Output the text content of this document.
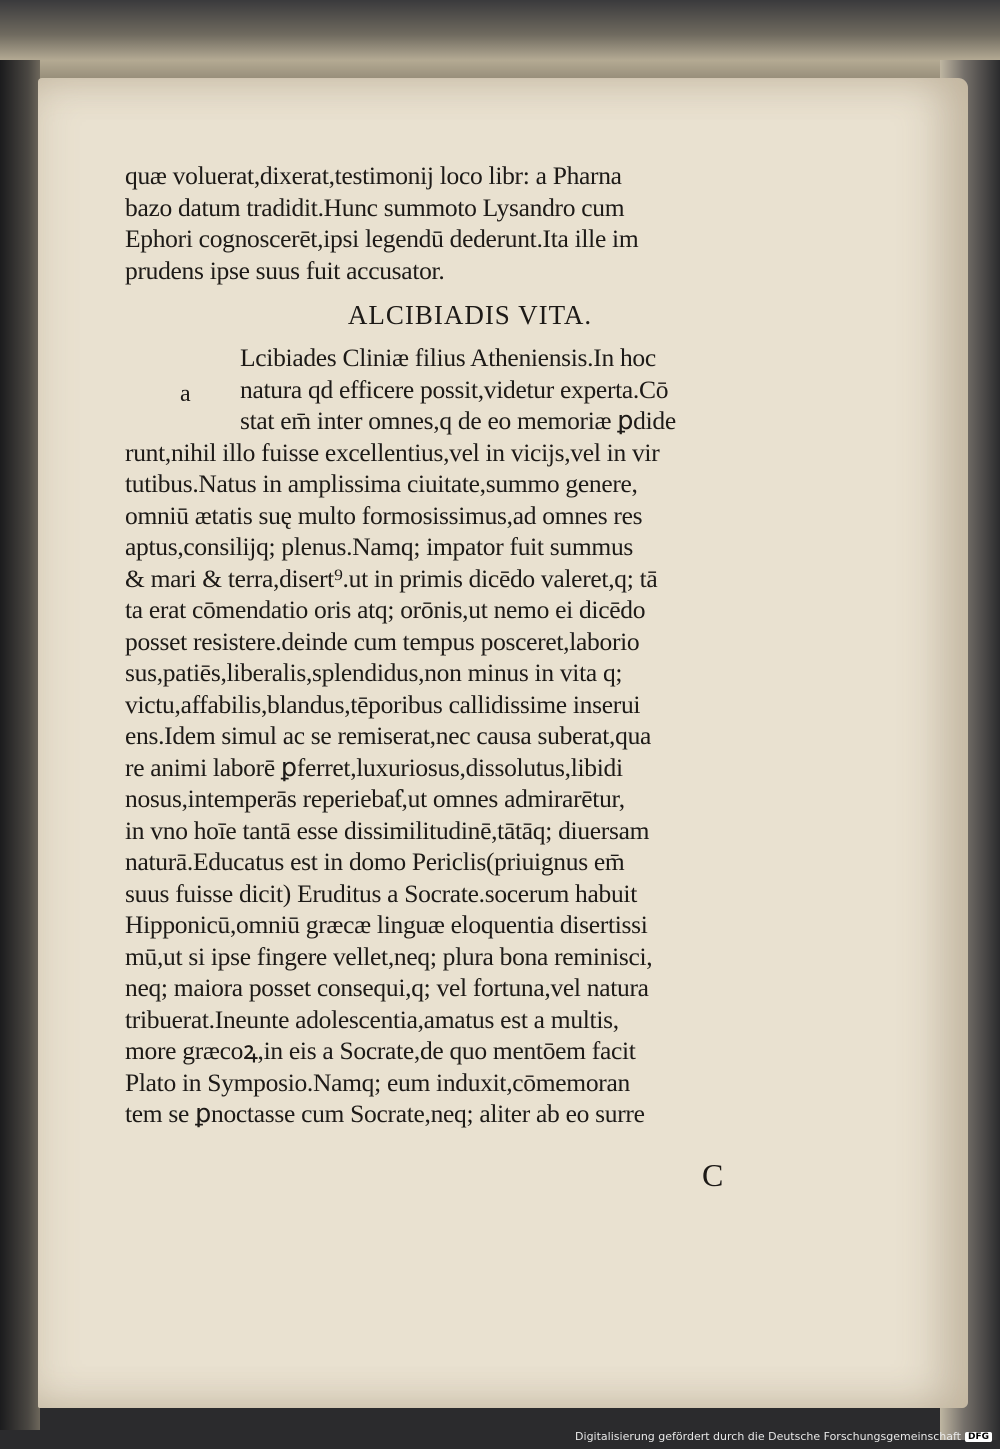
quæ voluerat,dixerat,testimonij loco libr: a Pharna
bazo datum tradidit.Hunc summoto Lysandro cum
Ephori cognoscerēt,ipsi legendū dederunt.Ita ille im
prudens ipse suus fuit accusator.
ALCIBIADIS VITA.
Lcibiades Cliniæ filius Atheniensis.In hoc
natura qd efficere possit,videtur experta.Cō
stat em̄ inter omnes,q de eo memoriæ ꝑdide
runt,nihil illo fuisse excellentius,vel in vicijs,vel in vir
tutibus.Natus in amplissima ciuitate,summo genere,
omniū ætatis suę multo formosissimus,ad omnes res
aptus,consilijq; plenus.Namq; impator fuit summus
& mari & terra,disert⁹.ut in primis dicēdo valeret,q; tā
ta erat cōmendatio oris atq; orōnis,ut nemo ei dicēdo
posset resistere.deinde cum tempus posceret,laborio
sus,patiēs,liberalis,splendidus,non minus in vita q;
victu,affabilis,blandus,tēporibus callidissime inserui
ens.Idem simul ac se remiserat,nec causa suberat,qua
re animi laborē ꝑferret,luxuriosus,dissolutus,libidi
nosus,intemperās reperiebaƭ,ut omnes admirarētur,
in vno hoīe tantā esse dissimilitudinē,tātāq; diuersam
naturā.Educatus est in domo Periclis(priuignus em̄
suus fuisse dicit) Eruditus a Socrate.socerum habuit
Hipponicū,omniū græcæ linguæ eloquentia disertissi
mū,ut si ipse fingere vellet,neq; plura bona reminisci,
neq; maiora posset consequi,q; vel fortuna,vel natura
tribuerat.Ineunte adolescentia,amatus est a multis,
more græcoꝝ,in eis a Socrate,de quo mentōem facit
Plato in Symposio.Namq; eum induxit,cōmemoran
tem se ꝑnoctasse cum Socrate,neq; aliter ab eo surre
a
C
Digitalisierung gefördert durch die Deutsche Forschungsgemeinschaft DFG
